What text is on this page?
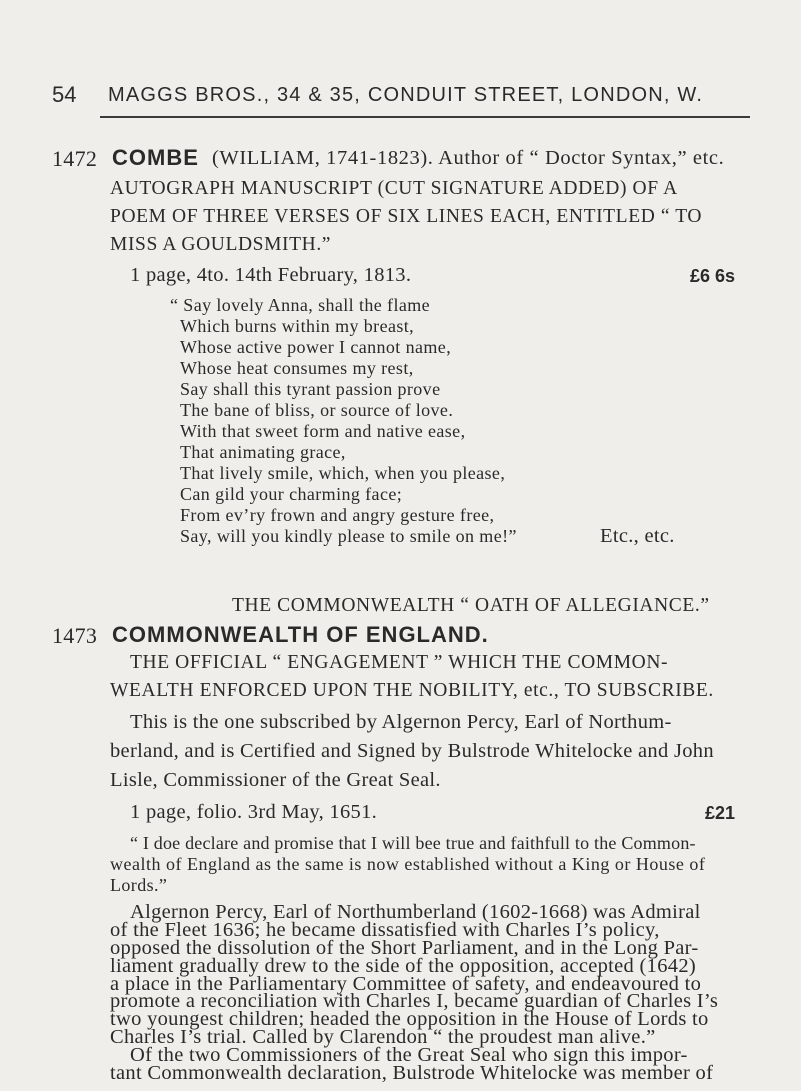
54 MAGGS BROS., 34 & 35, CONDUIT STREET, LONDON, W.
1472 COMBE (WILLIAM, 1741-1823). Author of “ Doctor Syntax,” etc.
AUTOGRAPH MANUSCRIPT (CUT SIGNATURE ADDED) OF A
POEM OF THREE VERSES OF SIX LINES EACH, ENTITLED “ TO
MISS A GOULDSMITH.”
1 page, 4to. 14th February, 1813.	£6 6s
“ Say lovely Anna, shall the flame
Which burns within my breast,
Whose active power I cannot name,
Whose heat consumes my rest,
Say shall this tyrant passion prove
The bane of bliss, or source of love.
With that sweet form and native ease,
That animating grace,
That lively smile, which, when you please,
Can gild your charming face;
From ev’ry frown and angry gesture free,
Say, will you kindly please to smile on me!”	Etc., etc.
THE COMMONWEALTH “ OATH OF ALLEGIANCE.”
1473 COMMONWEALTH OF ENGLAND.
THE OFFICIAL “ ENGAGEMENT ” WHICH THE COMMON-
WEALTH ENFORCED UPON THE NOBILITY, etc., TO SUBSCRIBE.
This is the one subscribed by Algernon Percy, Earl of Northum-
berland, and is Certified and Signed by Bulstrode Whitelocke and John
Lisle, Commissioner of the Great Seal.
1 page, folio. 3rd May, 1651.	£21
“ I doe declare and promise that I will bee true and faithfull to the Common-
wealth of England as the same is now established without a King or House of
Lords.”
Algernon Percy, Earl of Northumberland (1602-1668) was Admiral
of the Fleet 1636; he became dissatisfied with Charles I’s policy,
opposed the dissolution of the Short Parliament, and in the Long Par-
liament gradually drew to the side of the opposition, accepted (1642)
a place in the Parliamentary Committee of safety, and endeavoured to
promote a reconciliation with Charles I, became guardian of Charles I’s
two youngest children; headed the opposition in the House of Lords to
Charles I’s trial. Called by Clarendon “ the proudest man alive.”
Of the two Commissioners of the Great Seal who sign this impor-
tant Commonwealth declaration, Bulstrode Whitelocke was member of
